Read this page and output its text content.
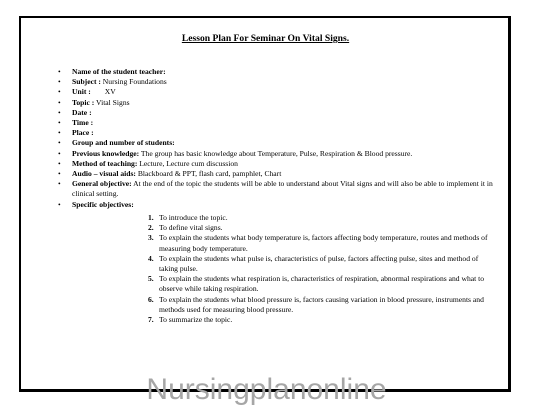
Lesson Plan For Seminar On Vital Signs.
• Name of the student teacher:
• Subject : Nursing Foundations
• Unit : XV
• Topic : Vital Signs
• Date :
• Time :
• Place :
• Group and number of students:
• Previous knowledge: The group has basic knowledge about Temperature, Pulse, Respiration & Blood pressure.
• Method of teaching: Lecture, Lecture cum discussion
• Audio – visual aids: Blackboard & PPT, flash card, pamphlet, Chart
• General objective: At the end of the topic the students will be able to understand about Vital signs and will also be able to implement it in clinical setting.
• Specific objectives:
1. To introduce the topic.
2. To define vital signs.
3. To explain the students what body temperature is, factors affecting body temperature, routes and methods of measuring body temperature.
4. To explain the students what pulse is, characteristics of pulse, factors affecting pulse, sites and method of taking pulse.
5. To explain the students what respiration is, characteristics of respiration, abnormal respirations and what to observe while taking respiration.
6. To explain the students what blood pressure is, factors causing variation in blood pressure, instruments and methods used for measuring blood pressure.
7. To summarize the topic.
Nursingplanonline
